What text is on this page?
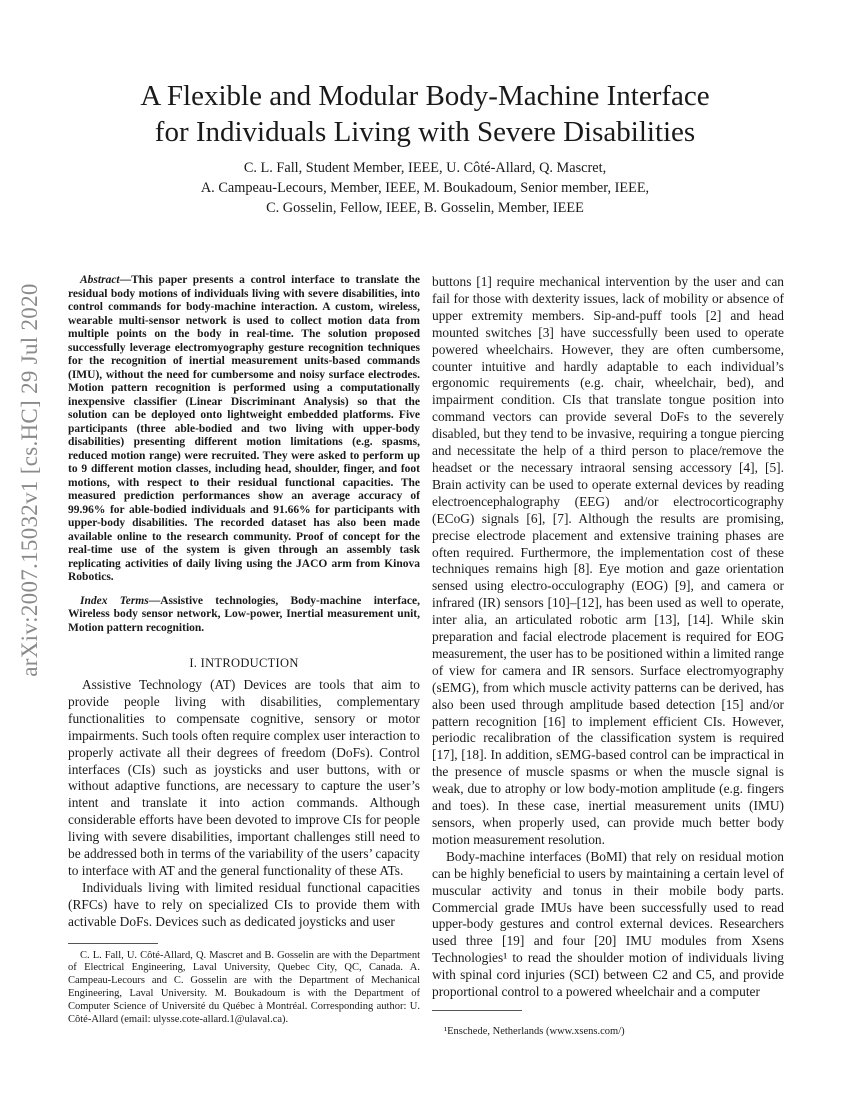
arXiv:2007.15032v1 [cs.HC] 29 Jul 2020
A Flexible and Modular Body-Machine Interface
for Individuals Living with Severe Disabilities
C. L. Fall, Student Member, IEEE, U. Côté-Allard, Q. Mascret,
A. Campeau-Lecours, Member, IEEE, M. Boukadoum, Senior member, IEEE,
C. Gosselin, Fellow, IEEE, B. Gosselin, Member, IEEE

Abstract—This paper presents a control interface to translate the residual body motions of individuals living with severe disabilities, into control commands for body-machine interaction. A custom, wireless, wearable multi-sensor network is used to collect motion data from multiple points on the body in real-time. The solution proposed successfully leverage electromyography gesture recognition techniques for the recognition of inertial measurement units-based commands (IMU), without the need for cumbersome and noisy surface electrodes. Motion pattern recognition is performed using a computationally inexpensive classifier (Linear Discriminant Analysis) so that the solution can be deployed onto lightweight embedded platforms. Five participants (three able-bodied and two living with upper-body disabilities) presenting different motion limitations (e.g. spasms, reduced motion range) were recruited. They were asked to perform up to 9 different motion classes, including head, shoulder, finger, and foot motions, with respect to their residual functional capacities. The measured prediction performances show an average accuracy of 99.96% for able-bodied individuals and 91.66% for participants with upper-body disabilities. The recorded dataset has also been made available online to the research community. Proof of concept for the real-time use of the system is given through an assembly task replicating activities of daily living using the JACO arm from Kinova Robotics.

Index Terms—Assistive technologies, Body-machine interface, Wireless body sensor network, Low-power, Inertial measurement unit, Motion pattern recognition.

I. INTRODUCTION

Assistive Technology (AT) Devices are tools that aim to provide people living with disabilities, complementary functionalities to compensate cognitive, sensory or motor impairments. Such tools often require complex user interaction to properly activate all their degrees of freedom (DoFs). Control interfaces (CIs) such as joysticks and user buttons, with or without adaptive functions, are necessary to capture the user’s intent and translate it into action commands. Although considerable efforts have been devoted to improve CIs for people living with severe disabilities, important challenges still need to be addressed both in terms of the variability of the users’ capacity to interface with AT and the general functionality of these ATs.

Individuals living with limited residual functional capacities (RFCs) have to rely on specialized CIs to provide them with activable DoFs. Devices such as dedicated joysticks and user

C. L. Fall, U. Côté-Allard, Q. Mascret and B. Gosselin are with the Department of Electrical Engineering, Laval University, Quebec City, QC, Canada. A. Campeau-Lecours and C. Gosselin are with the Department of Mechanical Engineering, Laval University. M. Boukadoum is with the Department of Computer Science of Université du Québec à Montréal. Corresponding author: U. Côté-Allard (email: ulysse.cote-allard.1@ulaval.ca).

buttons [1] require mechanical intervention by the user and can fail for those with dexterity issues, lack of mobility or absence of upper extremity members. Sip-and-puff tools [2] and head mounted switches [3] have successfully been used to operate powered wheelchairs. However, they are often cumbersome, counter intuitive and hardly adaptable to each individual’s ergonomic requirements (e.g. chair, wheelchair, bed), and impairment condition. CIs that translate tongue position into command vectors can provide several DoFs to the severely disabled, but they tend to be invasive, requiring a tongue piercing and necessitate the help of a third person to place/remove the headset or the necessary intraoral sensing accessory [4], [5]. Brain activity can be used to operate external devices by reading electroencephalography (EEG) and/or electrocorticography (ECoG) signals [6], [7]. Although the results are promising, precise electrode placement and extensive training phases are often required. Furthermore, the implementation cost of these techniques remains high [8]. Eye motion and gaze orientation sensed using electro-occulography (EOG) [9], and camera or infrared (IR) sensors [10]–[12], has been used as well to operate, inter alia, an articulated robotic arm [13], [14]. While skin preparation and facial electrode placement is required for EOG measurement, the user has to be positioned within a limited range of view for camera and IR sensors. Surface electromyography (sEMG), from which muscle activity patterns can be derived, has also been used through amplitude based detection [15] and/or pattern recognition [16] to implement efficient CIs. However, periodic recalibration of the classification system is required [17], [18]. In addition, sEMG-based control can be impractical in the presence of muscle spasms or when the muscle signal is weak, due to atrophy or low body-motion amplitude (e.g. fingers and toes). In these case, inertial measurement units (IMU) sensors, when properly used, can provide much better body motion measurement resolution.

Body-machine interfaces (BoMI) that rely on residual motion can be highly beneficial to users by maintaining a certain level of muscular activity and tonus in their mobile body parts. Commercial grade IMUs have been successfully used to read upper-body gestures and control external devices. Researchers used three [19] and four [20] IMU modules from Xsens Technologies¹ to read the shoulder motion of individuals living with spinal cord injuries (SCI) between C2 and C5, and provide proportional control to a powered wheelchair and a computer

¹Enschede, Netherlands (www.xsens.com/)
